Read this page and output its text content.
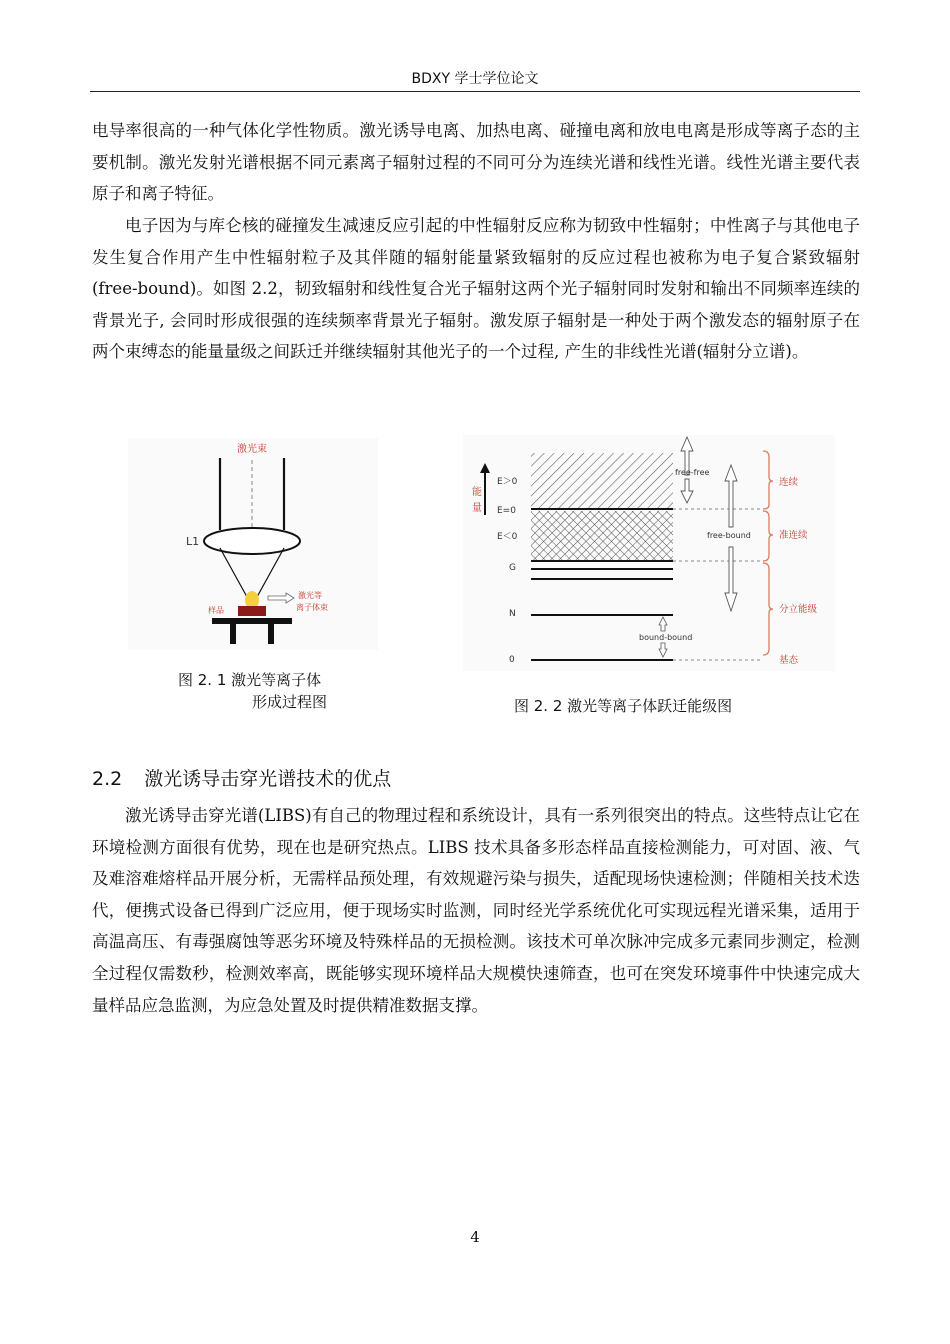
BDXY 学士学位论文

电导率很高的一种气体化学性物质。激光诱导电离、加热电离、碰撞电离和放电电离是形成等离子态的主要机制。激光发射光谱根据不同元素离子辐射过程的不同可分为连续光谱和线性光谱。线性光谱主要代表原子和离子特征。

电子因为与库仑核的碰撞发生减速反应引起的中性辐射反应称为韧致中性辐射；中性离子与其他电子发生复合作用产生中性辐射粒子及其伴随的辐射能量紧致辐射的反应过程也被称为电子复合紧致辐射(free-bound)。如图 2.2，韧致辐射和线性复合光子辐射这两个光子辐射同时发射和输出不同频率连续的背景光子, 会同时形成很强的连续频率背景光子辐射。激发原子辐射是一种处于两个激发态的辐射原子在两个束缚态的能量量级之间跃迁并继续辐射其他光子的一个过程, 产生的非线性光谱(辐射分立谱)。

激光束
L1
激光等
离子体束
样品
图 2. 1 激光等离子体
形成过程图
能
量
E＞0
E=0
E＜0
G
N
0
free-free
free-bound
bound-bound
连续
准连续
分立能级
基态
图 2. 2 激光等离子体跃迁能级图
2.2 激光诱导击穿光谱技术的优点

激光诱导击穿光谱(LIBS)有自己的物理过程和系统设计，具有一系列很突出的特点。这些特点让它在环境检测方面很有优势，现在也是研究热点。LIBS 技术具备多形态样品直接检测能力，可对固、液、气及难溶难熔样品开展分析，无需样品预处理，有效规避污染与损失，适配现场快速检测；伴随相关技术迭代，便携式设备已得到广泛应用，便于现场实时监测，同时经光学系统优化可实现远程光谱采集，适用于高温高压、有毒强腐蚀等恶劣环境及特殊样品的无损检测。该技术可单次脉冲完成多元素同步测定，检测全过程仅需数秒，检测效率高，既能够实现环境样品大规模快速筛查，也可在突发环境事件中快速完成大量样品应急监测，为应急处置及时提供精准数据支撑。

4
